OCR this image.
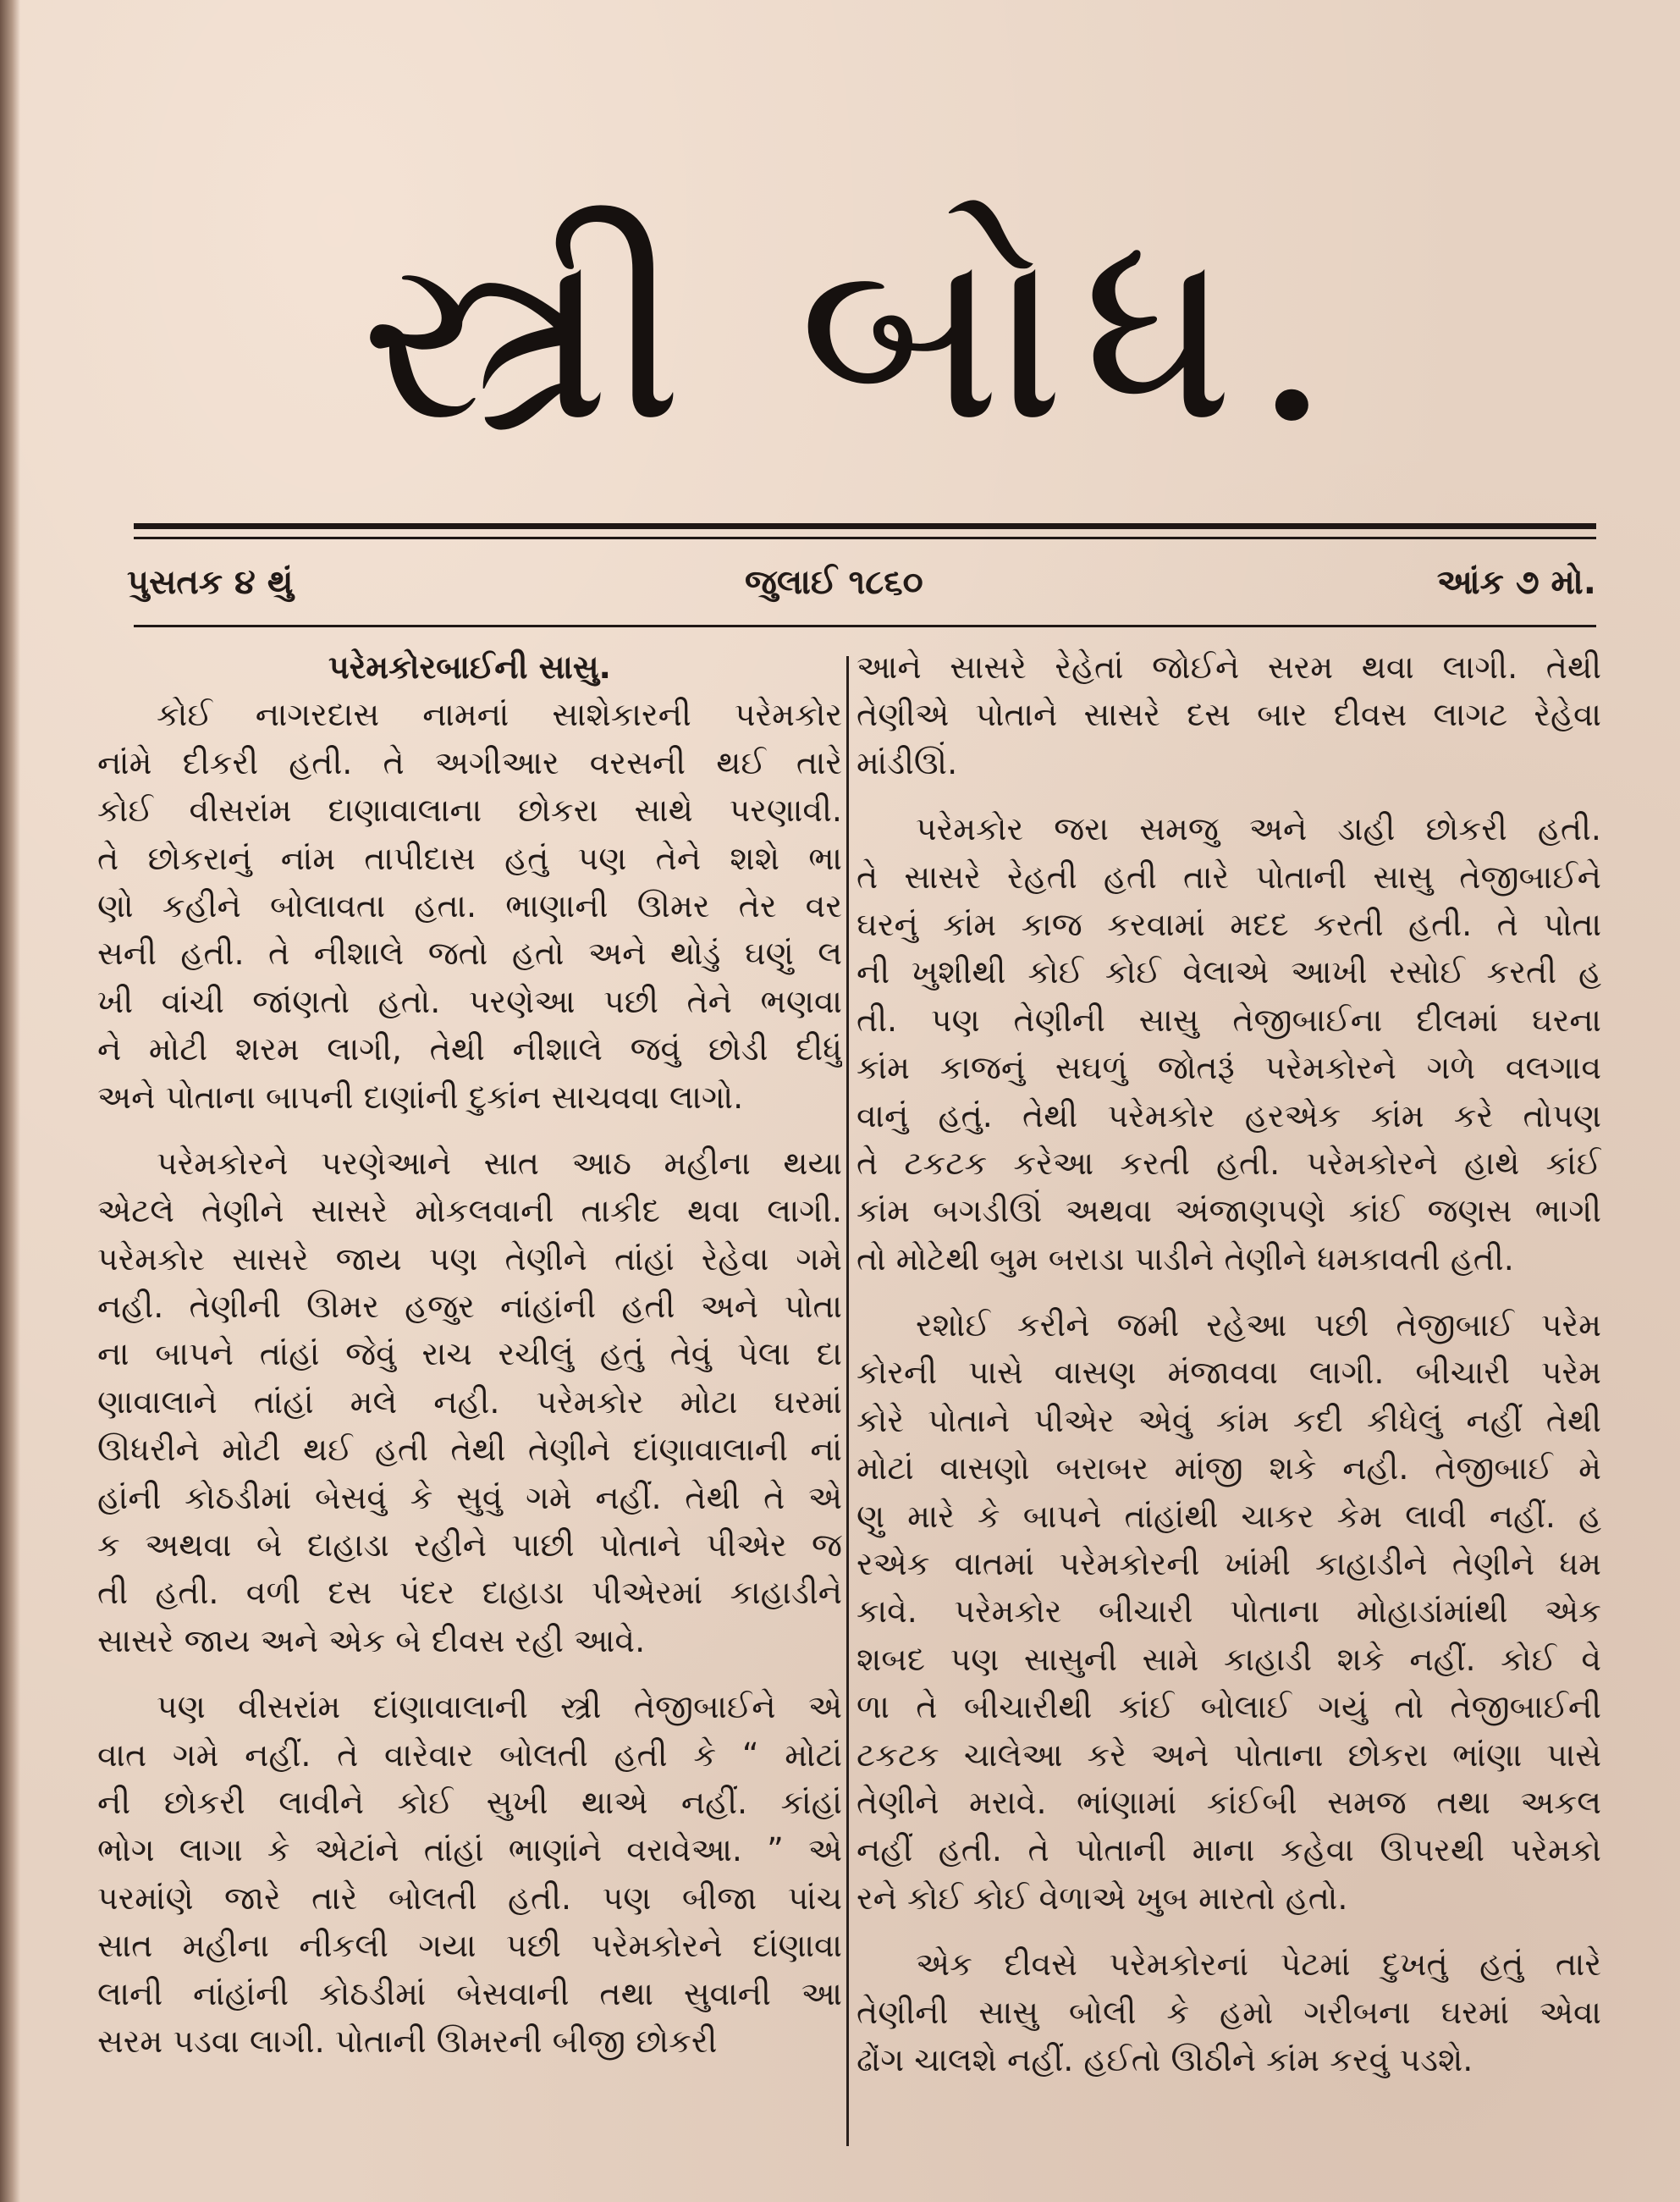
સ્ત્રી બોધ.
પુસતક ૪ થું	જુલાઈ ૧૮૬૦	આંક ૭ મો.
પરેમકોરબાઈની સાસુ.
કોઈ નાગરદાસ નામનાં સાશેકારની પરેમકોર
નાંમે દીકરી હતી. તે અગીઆર વરસની થઈ તારે
કોઈ વીસરાંમ દાણાવાલાના છોકરા સાથે પરણાવી.
તે છોકરાનું નાંમ તાપીદાસ હતું પણ તેને શશે ભા
ણો કહીને બોલાવતા હતા. ભાણાની ઊમર તેર વર
સની હતી. તે નીશાલે જતો હતો અને થોડું ઘણું લ
ખી વાંચી જાંણતો હતો. પરણેઆ પછી તેને ભણવા
ને મોટી શરમ લાગી, તેથી નીશાલે જવું છોડી દીધું
અને પોતાના બાપની દાણાંની દુકાંન સાચવવા લાગો.
પરેમકોરને પરણેઆને સાત આઠ મહીના થયા
એટલે તેણીને સાસરે મોકલવાની તાકીદ થવા લાગી.
પરેમકોર સાસરે જાય પણ તેણીને તાંહાં રેહેવા ગમે
નહી. તેણીની ઊમર હજુર નાંહાંની હતી અને પોતા
ના બાપને તાંહાં જેવું રાચ રચીલું હતું તેવું પેલા દા
ણાવાલાને તાંહાં મલે નહી. પરેમકોર મોટા ઘરમાં
ઊધરીને મોટી થઈ હતી તેથી તેણીને દાંણાવાલાની નાં
હાંની કોઠડીમાં બેસવું કે સુવું ગમે નહીં. તેથી તે એ
ક અથવા બે દાહાડા રહીને પાછી પોતાને પીએર જ
તી હતી. વળી દસ પંદર દાહાડા પીએરમાં કાહાડીને
સાસરે જાય અને એક બે દીવસ રહી આવે.
પણ વીસરાંમ દાંણાવાલાની સ્ત્રી તેજીબાઈને એ
વાત ગમે નહીં. તે વારેવાર બોલતી હતી કે “ મોટાં
ની છોકરી લાવીને કોઈ સુખી થાએ નહીં. કાંહાં
ભોગ લાગા કે એટાંને તાંહાં ભાણાંને વરાવેઆ. ” એ
પરમાંણે જારે તારે બોલતી હતી. પણ બીજા પાંચ
સાત મહીના નીકલી ગયા પછી પરેમકોરને દાંણાવા
લાની નાંહાંની કોઠડીમાં બેસવાની તથા સુવાની આ
સરમ પડવા લાગી. પોતાની ઊમરની બીજી છોકરી
આને સાસરે રેહેતાં જોઈને સરમ થવા લાગી. તેથી
તેણીએ પોતાને સાસરે દસ બાર દીવસ લાગટ રેહેવા
માંડીઊં.
પરેમકોર જરા સમજુ અને ડાહી છોકરી હતી.
તે સાસરે રેહતી હતી તારે પોતાની સાસુ તેજીબાઈને
ઘરનું કાંમ કાજ કરવામાં મદદ કરતી હતી. તે પોતા
ની ખુશીથી કોઈ કોઈ વેલાએ આખી રસોઈ કરતી હ
તી. પણ તેણીની સાસુ તેજીબાઈના દીલમાં ઘરના
કાંમ કાજનું સઘળું જોતરૂં પરેમકોરને ગળે વલગાવ
વાનું હતું. તેથી પરેમકોર હરએક કાંમ કરે તોપણ
તે ટકટક કરેઆ કરતી હતી. પરેમકોરને હાથે કાંઈ
કાંમ બગડીઊં અથવા અંજાણપણે કાંઈ જણસ ભાગી
તો મોટેથી બુમ બરાડા પાડીને તેણીને ધમકાવતી હતી.
રશોઈ કરીને જમી રહેઆ પછી તેજીબાઈ પરેમ
કોરની પાસે વાસણ મંજાવવા લાગી. બીચારી પરેમ
કોરે પોતાને પીએર એવું કાંમ કદી કીધેલું નહીં તેથી
મોટાં વાસણો બરાબર માંજી શકે નહી. તેજીબાઈ મે
ણુ મારે કે બાપને તાંહાંથી ચાકર કેમ લાવી નહીં. હ
રએક વાતમાં પરેમકોરની ખાંમી કાહાડીને તેણીને ધમ
કાવે. પરેમકોર બીચારી પોતાના મોહાડાંમાંથી એક
શબદ પણ સાસુની સામે કાહાડી શકે નહીં. કોઈ વે
ળા તે બીચારીથી કાંઈ બોલાઈ ગયું તો તેજીબાઈની
ટકટક ચાલેઆ કરે અને પોતાના છોકરા ભાંણા પાસે
તેણીને મરાવે. ભાંણામાં કાંઈબી સમજ તથા અકલ
નહીં હતી. તે પોતાની માના કહેવા ઊપરથી પરેમકો
રને કોઈ કોઈ વેળાએ ખુબ મારતો હતો.
એક દીવસે પરેમકોરનાં પેટમાં દુખતું હતું તારે
તેણીની સાસુ બોલી કે હમો ગરીબના ઘરમાં એવા
ઢોંગ ચાલશે નહીં. હઈતો ઊઠીને કાંમ કરવું પડશે.
